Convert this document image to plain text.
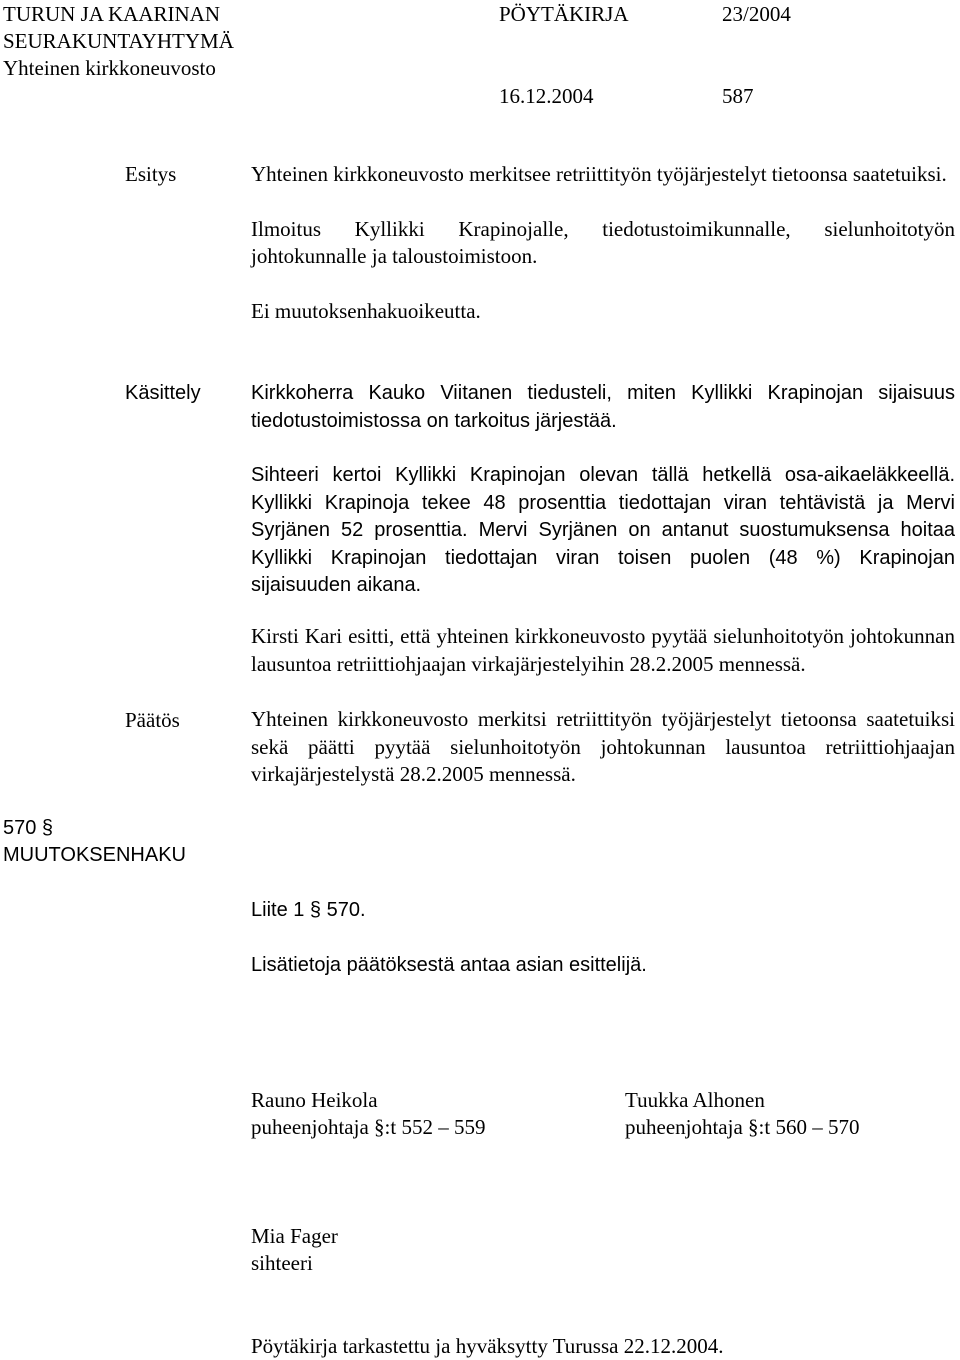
TURUN JA KAARINAN
SEURAKUNTAYHTYMÄ
Yhteinen kirkkoneuvosto
PÖYTÄKIRJA	23/2004
16.12.2004	587
Esitys	Yhteinen kirkkoneuvosto merkitsee retriittityön työjärjestelyt tietoonsa saatetuiksi.

Ilmoitus Kyllikki Krapinojalle, tiedotustoimikunnalle, sielunhoitotyön johtokunnalle ja taloustoimistoon.

Ei muutoksenhakuoikeutta.

Käsittely	Kirkkoherra Kauko Viitanen tiedusteli, miten Kyllikki Krapinojan sijaisuus tiedotustoimistossa on tarkoitus järjestää.

Sihteeri kertoi Kyllikki Krapinojan olevan tällä hetkellä osa-aikaeläkkeellä. Kyllikki Krapinoja tekee 48 prosenttia tiedottajan viran tehtävistä ja Mervi Syrjänen 52 prosenttia. Mervi Syrjänen on antanut suostumuksensa hoitaa Kyllikki Krapinojan tiedottajan viran toisen puolen (48 %) Krapinojan sijaisuuden aikana.

Kirsti Kari esitti, että yhteinen kirkkoneuvosto pyytää sielunhoitotyön johtokunnan lausuntoa retriittiohjaajan virkajärjestelyihin 28.2.2005 mennessä.

Päätös	Yhteinen kirkkoneuvosto merkitsi retriittityön työjärjestelyt tietoonsa saatetuiksi sekä päätti pyytää sielunhoitotyön johtokunnan lausuntoa retriittiohjaajan virkajärjestelystä 28.2.2005 mennessä.

570 §
MUUTOKSENHAKU
Liite 1 § 570.
Lisätietoja päätöksestä antaa asian esittelijä.
Rauno Heikola
puheenjohtaja §:t 552 – 559
Tuukka Alhonen
puheenjohtaja §:t 560 – 570
Mia Fager
sihteeri
Pöytäkirja tarkastettu ja hyväksytty Turussa 22.12.2004.
